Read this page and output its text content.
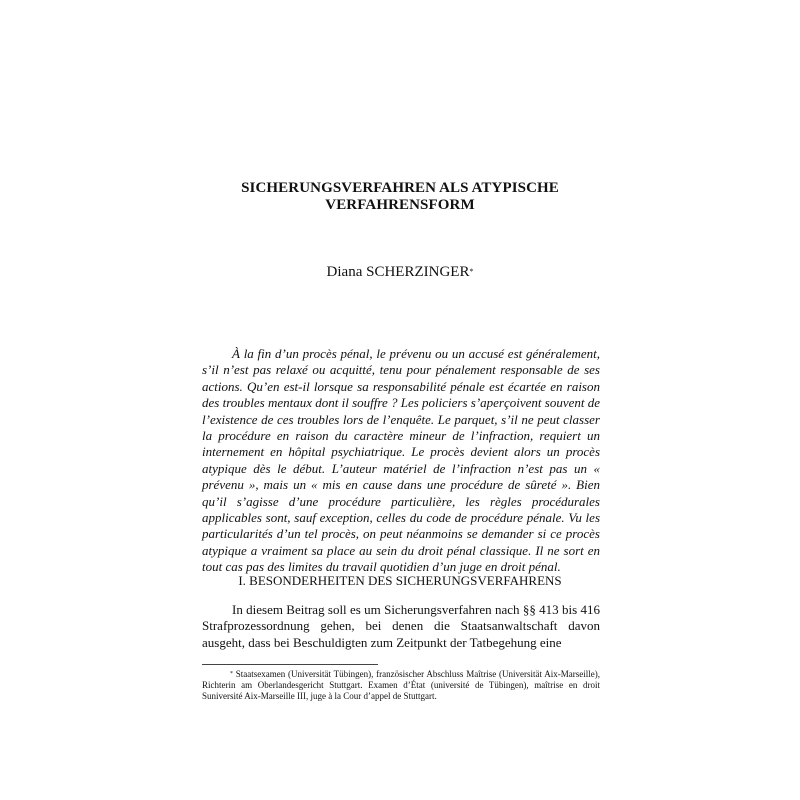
SICHERUNGSVERFAHREN ALS ATYPISCHE
VERFAHRENSFORM
Diana SCHERZINGER*

À la fin d’un procès pénal, le prévenu ou un accusé est généralement, s’il n’est pas relaxé ou acquitté, tenu pour pénalement responsable de ses actions. Qu’en est-il lorsque sa responsabilité pénale est écartée en raison des troubles mentaux dont il souffre ? Les policiers s’aperçoivent souvent de l’existence de ces troubles lors de l’enquête. Le parquet, s’il ne peut classer la procédure en raison du caractère mineur de l’infraction, requiert un internement en hôpital psychiatrique. Le procès devient alors un procès atypique dès le début. L’auteur matériel de l’infraction n’est pas un « prévenu », mais un « mis en cause dans une procédure de sûreté ». Bien qu’il s’agisse d’une procédure particulière, les règles procédurales applicables sont, sauf exception, celles du code de procédure pénale. Vu les particularités d’un tel procès, on peut néanmoins se demander si ce procès atypique a vraiment sa place au sein du droit pénal classique. Il ne sort en tout cas pas des limites du travail quotidien d’un juge en droit pénal.

I. BESONDERHEITEN DES SICHERUNGSVERFAHRENS

In diesem Beitrag soll es um Sicherungsverfahren nach §§ 413 bis 416 Strafprozessordnung gehen, bei denen die Staatsanwaltschaft davon ausgeht, dass bei Beschuldigten zum Zeitpunkt der Tatbegehung eine

* Staatsexamen (Universität Tübingen), französischer Abschluss Maîtrise (Universität Aix-Marseille), Richterin am Oberlandesgericht Stuttgart. Examen d’État (université de Tübingen), maîtrise en droit Suniversité Aix-Marseille III, juge à la Cour d’appel de Stuttgart.
